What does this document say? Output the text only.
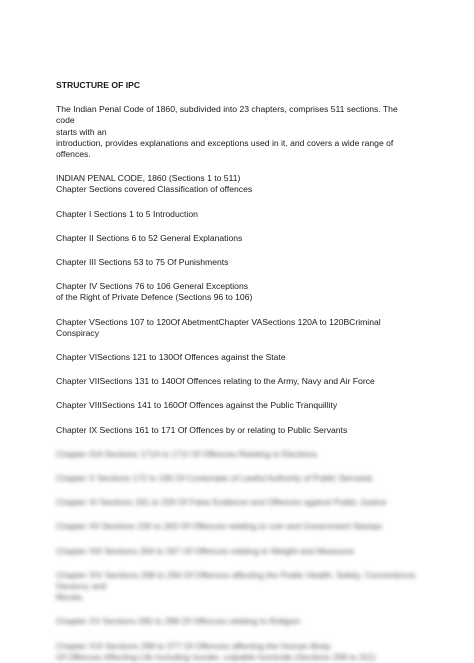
STRUCTURE OF IPC
The Indian Penal Code of 1860, subdivided into 23 chapters, comprises 511 sections. The code
starts with an
introduction, provides explanations and exceptions used in it, and covers a wide range of
offences.
INDIAN PENAL CODE, 1860 (Sections 1 to 511)
Chapter Sections covered Classification of offences
Chapter I Sections 1 to 5 Introduction
Chapter II Sections 6 to 52 General Explanations
Chapter III Sections 53 to 75 Of Punishments
Chapter IV Sections 76 to 106 General Exceptions
of the Right of Private Defence (Sections 96 to 106)
Chapter VSections 107 to 120Of AbetmentChapter VASections 120A to 120BCriminal
Conspiracy
Chapter VISections 121 to 130Of Offences against the State
Chapter VIISections 131 to 140Of Offences relating to the Army, Navy and Air Force
Chapter VIIISections 141 to 160Of Offences against the Public Tranquillity
Chapter IX Sections 161 to 171 Of Offences by or relating to Public Servants
Chapter IXA Sections 171A to 171I Of Offences Relating to Elections
Chapter X Sections 172 to 190 Of Contempts of Lawful Authority of Public Servants
Chapter XI Sections 191 to 229 Of False Evidence and Offences against Public Justice
Chapter XII Sections 230 to 263 Of Offences relating to coin and Government Stamps
Chapter XIII Sections 264 to 267 Of Offences relating to Weight and Measures
Chapter XIV Sections 268 to 294 Of Offences affecting the Public Health, Safety, Convenience,
Decency and
Morals.
Chapter XV Sections 295 to 298 Of Offences relating to Religion
Chapter XVI Sections 299 to 377 Of Offences affecting the Human Body.
Of Offences Affecting Life including murder, culpable homicide (Sections 299 to 311)
